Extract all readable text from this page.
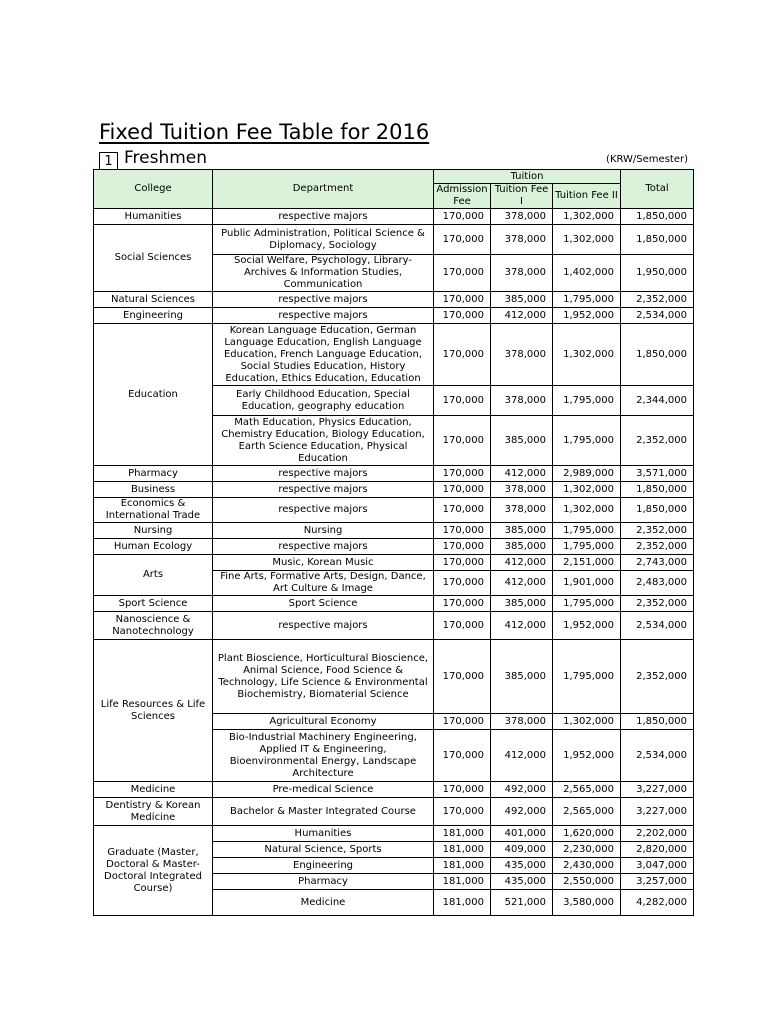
Fixed Tuition Fee Table for 2016
1 Freshmen	(KRW/Semester)
College	Department	Tuition			Total
		Admission Fee	Tuition Fee I	Tuition Fee II	
Humanities	respective majors	170,000	378,000	1,302,000	1,850,000
Social Sciences	Public Administration, Political Science & Diplomacy, Sociology	170,000	378,000	1,302,000	1,850,000
	Social Welfare, Psychology, Library-Archives & Information Studies, Communication	170,000	378,000	1,402,000	1,950,000
Natural Sciences	respective majors	170,000	385,000	1,795,000	2,352,000
Engineering	respective majors	170,000	412,000	1,952,000	2,534,000
Education	Korean Language Education, German Language Education, English Language Education, French Language Education, Social Studies Education, History Education, Ethics Education, Education	170,000	378,000	1,302,000	1,850,000
	Early Childhood Education, Special Education, geography education	170,000	378,000	1,795,000	2,344,000
	Math Education, Physics Education, Chemistry Education, Biology Education, Earth Science Education, Physical Education	170,000	385,000	1,795,000	2,352,000
Pharmacy	respective majors	170,000	412,000	2,989,000	3,571,000
Business	respective majors	170,000	378,000	1,302,000	1,850,000
Economics & International Trade	respective majors	170,000	378,000	1,302,000	1,850,000
Nursing	Nursing	170,000	385,000	1,795,000	2,352,000
Human Ecology	respective majors	170,000	385,000	1,795,000	2,352,000
Arts	Music, Korean Music	170,000	412,000	2,151,000	2,743,000
	Fine Arts, Formative Arts, Design, Dance, Art Culture & Image	170,000	412,000	1,901,000	2,483,000
Sport Science	Sport Science	170,000	385,000	1,795,000	2,352,000
Nanoscience & Nanotechnology	respective majors	170,000	412,000	1,952,000	2,534,000
Life Resources & Life Sciences	Plant Bioscience, Horticultural Bioscience, Animal Science, Food Science & Technology, Life Science & Environmental Biochemistry, Biomaterial Science	170,000	385,000	1,795,000	2,352,000
	Agricultural Economy	170,000	378,000	1,302,000	1,850,000
	Bio-Industrial Machinery Engineering, Applied IT & Engineering, Bioenvironmental Energy, Landscape Architecture	170,000	412,000	1,952,000	2,534,000
Medicine	Pre-medical Science	170,000	492,000	2,565,000	3,227,000
Dentistry & Korean Medicine	Bachelor & Master Integrated Course	170,000	492,000	2,565,000	3,227,000
Graduate (Master, Doctoral & Master-Doctoral Integrated Course)	Humanities	181,000	401,000	1,620,000	2,202,000
	Natural Science, Sports	181,000	409,000	2,230,000	2,820,000
	Engineering	181,000	435,000	2,430,000	3,047,000
	Pharmacy	181,000	435,000	2,550,000	3,257,000
	Medicine	181,000	521,000	3,580,000	4,282,000
